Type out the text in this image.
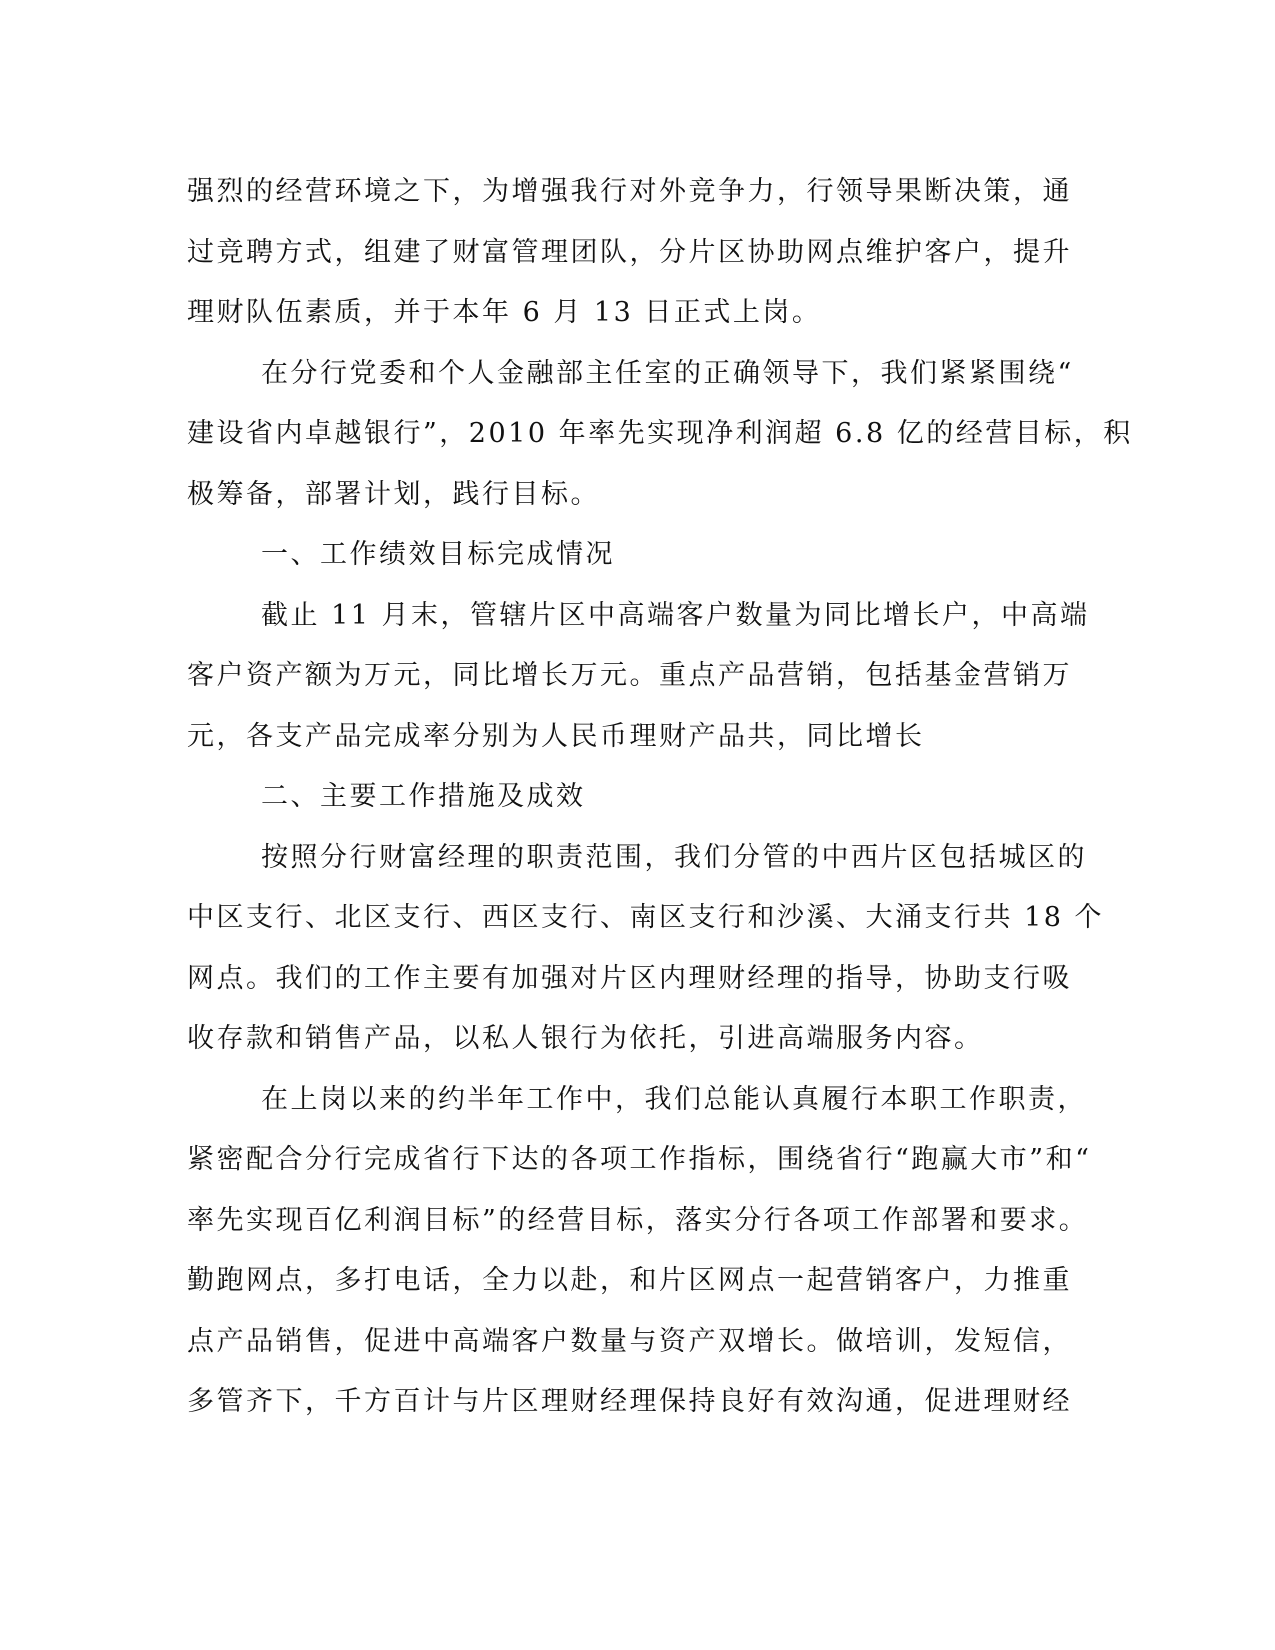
强烈的经营环境之下，为增强我行对外竞争力，行领导果断决策，通
过竞聘方式，组建了财富管理团队，分片区协助网点维护客户，提升
理财队伍素质，并于本年 6 月 13 日正式上岗。
在分行党委和个人金融部主任室的正确领导下，我们紧紧围绕“
建设省内卓越银行”，2010 年率先实现净利润超 6.8 亿的经营目标，积
极筹备，部署计划，践行目标。
一、工作绩效目标完成情况
截止 11 月末，管辖片区中高端客户数量为同比增长户，中高端
客户资产额为万元，同比增长万元。重点产品营销，包括基金营销万
元，各支产品完成率分别为人民币理财产品共，同比增长
二、主要工作措施及成效
按照分行财富经理的职责范围，我们分管的中西片区包括城区的
中区支行、北区支行、西区支行、南区支行和沙溪、大涌支行共 18 个
网点。我们的工作主要有加强对片区内理财经理的指导，协助支行吸
收存款和销售产品，以私人银行为依托，引进高端服务内容。
在上岗以来的约半年工作中，我们总能认真履行本职工作职责，
紧密配合分行完成省行下达的各项工作指标，围绕省行“跑赢大市”和“
率先实现百亿利润目标”的经营目标，落实分行各项工作部署和要求。
勤跑网点，多打电话，全力以赴，和片区网点一起营销客户，力推重
点产品销售，促进中高端客户数量与资产双增长。做培训，发短信，
多管齐下，千方百计与片区理财经理保持良好有效沟通，促进理财经
